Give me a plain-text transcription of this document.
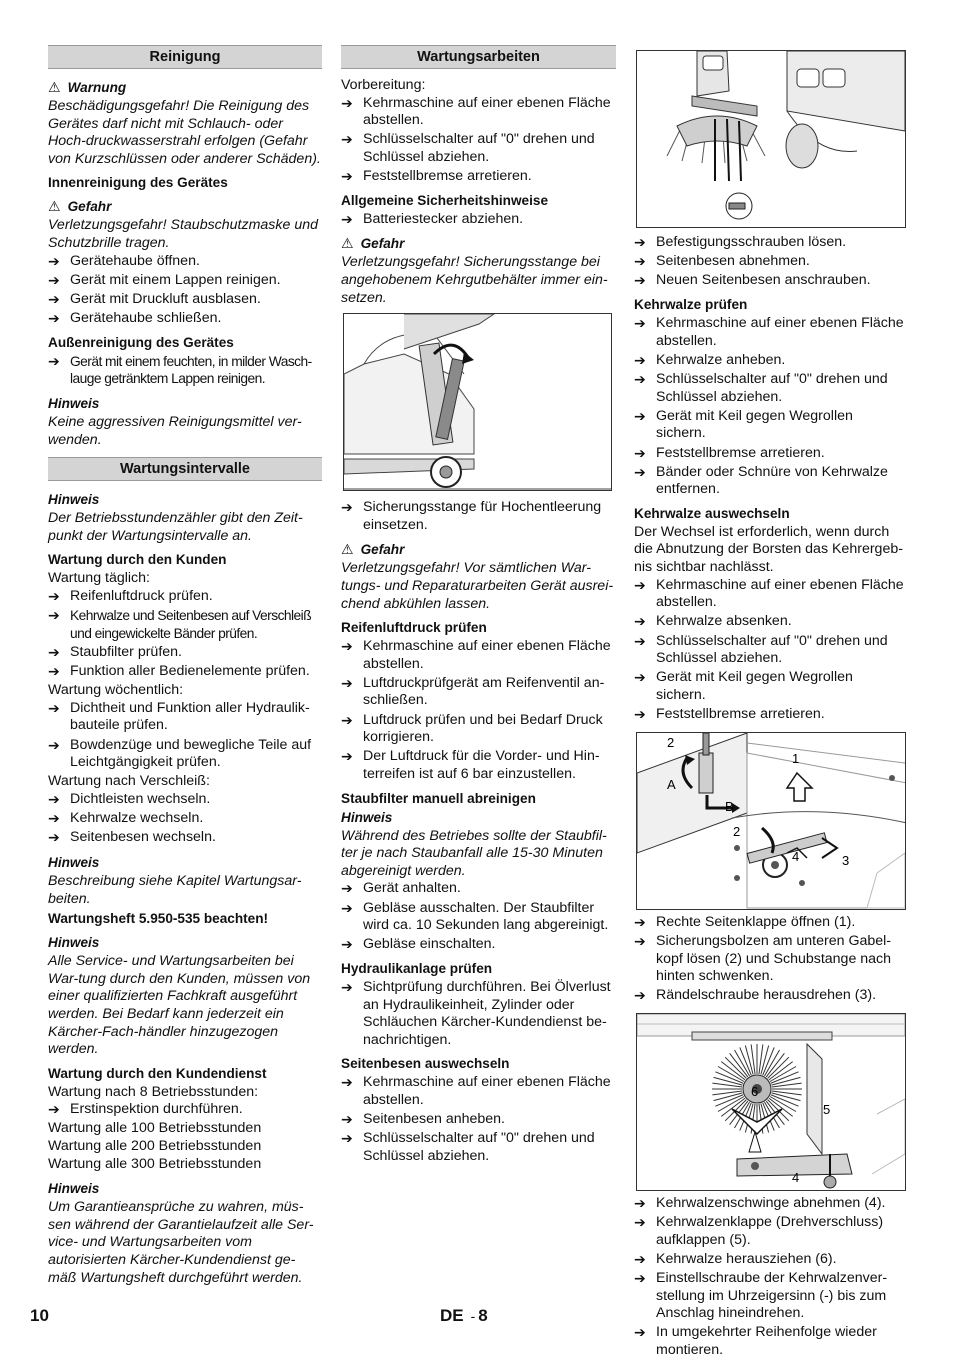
Reinigung
⚠ Warnung

Beschädigungsgefahr! Die Reinigung des Gerätes darf nicht mit Schlauch- oder Hoch-druckwasserstrahl erfolgen (Gefahr von Kurzschlüssen oder anderer Schäden).

Innenreinigung des Gerätes
⚠ Gefahr

Verletzungsgefahr! Staubschutzmaske und Schutzbrille tragen.

➔ Gerätehaube öffnen.
➔ Gerät mit einem Lappen reinigen.
➔ Gerät mit Druckluft ausblasen.
➔ Gerätehaube schließen.
Außenreinigung des Gerätes
➔ Gerät mit einem feuchten, in milder Wasch-lauge getränktem Lappen reinigen.
Hinweis

Keine aggressiven Reinigungsmittel ver-wenden.

Wartungsintervalle
Hinweis

Der Betriebsstundenzähler gibt den Zeit-punkt der Wartungsintervalle an.

Wartung durch den Kunden

Wartung täglich:

➔ Reifenluftdruck prüfen.
➔ Kehrwalze und Seitenbesen auf Verschleiß und eingewickelte Bänder prüfen.
➔ Staubfilter prüfen.
➔ Funktion aller Bedienelemente prüfen.

Wartung wöchentlich:

➔ Dichtheit und Funktion aller Hydraulik-bauteile prüfen.
➔ Bowdenzüge und bewegliche Teile auf Leichtgängigkeit prüfen.

Wartung nach Verschleiß:

➔ Dichtleisten wechseln.
➔ Kehrwalze wechseln.
➔ Seitenbesen wechseln.
Hinweis

Beschreibung siehe Kapitel Wartungsar-beiten.

Wartungsheft 5.950-535 beachten!
Hinweis

Alle Service- und Wartungsarbeiten bei War-tung durch den Kunden, müssen von einer qualifizierten Fachkraft ausgeführt werden. Bei Bedarf kann jederzeit ein Kärcher-Fach-händler hinzugezogen werden.

Wartung durch den Kundendienst

Wartung nach 8 Betriebsstunden:

➔ Erstinspektion durchführen.

Wartung alle 100 Betriebsstunden

Wartung alle 200 Betriebsstunden

Wartung alle 300 Betriebsstunden

Hinweis

Um Garantieansprüche zu wahren, müs-sen während der Garantielaufzeit alle Ser-vice- und Wartungsarbeiten vom autorisierten Kärcher-Kundendienst ge-mäß Wartungsheft durchgeführt werden.

Wartungsarbeiten

Vorbereitung:

➔ Kehrmaschine auf einer ebenen Fläche abstellen.
➔ Schlüsselschalter auf "0" drehen und Schlüssel abziehen.
➔ Feststellbremse arretieren.
Allgemeine Sicherheitshinweise
➔ Batteriestecker abziehen.
⚠ Gefahr

Verletzungsgefahr! Sicherungsstange bei angehobenem Kehrgutbehälter immer ein-setzen.

➔ Sicherungsstange für Hochentleerung einsetzen.
⚠ Gefahr

Verletzungsgefahr! Vor sämtlichen War-tungs- und Reparaturarbeiten Gerät ausrei-chend abkühlen lassen.

Reifenluftdruck prüfen
➔ Kehrmaschine auf einer ebenen Fläche abstellen.
➔ Luftdruckprüfgerät am Reifenventil an-schließen.
➔ Luftdruck prüfen und bei Bedarf Druck korrigieren.
➔ Der Luftdruck für die Vorder- und Hin-terreifen ist auf 6 bar einzustellen.
Staubfilter manuell abreinigen
Hinweis

Während des Betriebes sollte der Staubfil-ter je nach Staubanfall alle 15-30 Minuten abgereinigt werden.

➔ Gerät anhalten.
➔ Gebläse ausschalten. Der Staubfilter wird ca. 10 Sekunden lang abgereinigt.
➔ Gebläse einschalten.
Hydraulikanlage prüfen
➔ Sichtprüfung durchführen. Bei Ölverlust an Hydraulikeinheit, Zylinder oder Schläuchen Kärcher-Kundendienst be-nachrichtigen.
Seitenbesen auswechseln
➔ Kehrmaschine auf einer ebenen Fläche abstellen.
➔ Seitenbesen anheben.
➔ Schlüsselschalter auf "0" drehen und Schlüssel abziehen.
➔ Befestigungsschrauben lösen.
➔ Seitenbesen abnehmen.
➔ Neuen Seitenbesen anschrauben.
Kehrwalze prüfen
➔ Kehrmaschine auf einer ebenen Fläche abstellen.
➔ Kehrwalze anheben.
➔ Schlüsselschalter auf "0" drehen und Schlüssel abziehen.
➔ Gerät mit Keil gegen Wegrollen sichern.
➔ Feststellbremse arretieren.
➔ Bänder oder Schnüre von Kehrwalze entfernen.
Kehrwalze auswechseln

Der Wechsel ist erforderlich, wenn durch die Abnutzung der Borsten das Kehrergeb-nis sichtbar nachlässt.

➔ Kehrmaschine auf einer ebenen Fläche abstellen.
➔ Kehrwalze absenken.
➔ Schlüsselschalter auf "0" drehen und Schlüssel abziehen.
➔ Gerät mit Keil gegen Wegrollen sichern.
➔ Feststellbremse arretieren.
2
A
B
1
2
4	3
➔ Rechte Seitenklappe öffnen (1).
➔ Sicherungsbolzen am unteren Gabel-kopf lösen (2) und Schubstange nach hinten schwenken.
➔ Rändelschraube herausdrehen (3).
6
5
4
➔ Kehrwalzenschwinge abnehmen (4).
➔ Kehrwalzenklappe (Drehverschluss) aufklappen (5).
➔ Kehrwalze herausziehen (6).
➔ Einstellschraube der Kehrwalzenver-stellung im Uhrzeigersinn (-) bis zum Anschlag hineindrehen.
➔ In umgekehrter Reihenfolge wieder montieren.
10	DE - 8
